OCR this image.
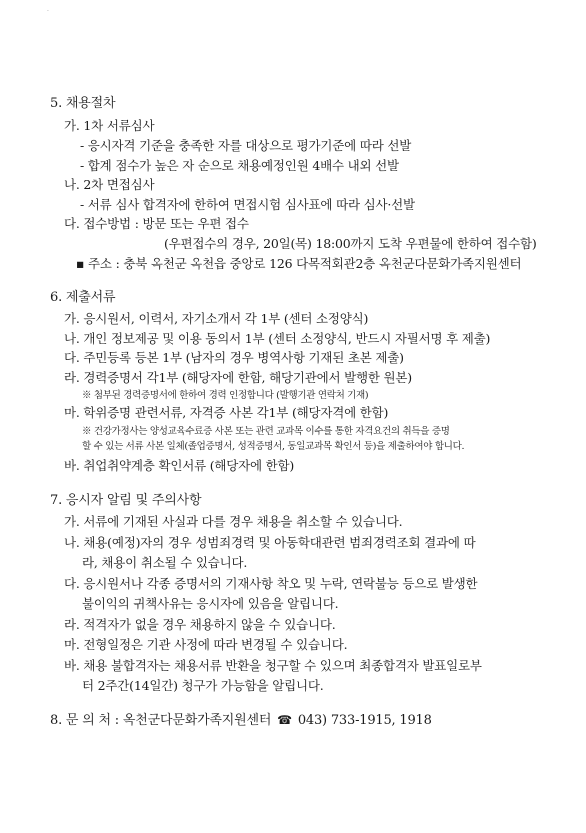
·
5. 채용절차
가. 1차 서류심사
- 응시자격 기준을 충족한 자를 대상으로 평가기준에 따라 선발
- 합계 점수가 높은 자 순으로 채용예정인원 4배수 내외 선발
나. 2차 면접심사
- 서류 심사 합격자에 한하여 면접시험 심사표에 따라 심사·선발
다. 접수방법 : 방문 또는 우편 접수
(우편접수의 경우, 20일(목) 18:00까지 도착 우편물에 한하여 접수함)
▪ 주소 : 충북 옥천군 옥천읍 중앙로 126 다목적회관2층 옥천군다문화가족지원센터
6. 제출서류
가. 응시원서, 이력서, 자기소개서 각 1부 (센터 소정양식)
나. 개인 정보제공 및 이용 동의서 1부 (센터 소정양식, 반드시 자필서명 후 제출)
다. 주민등록 등본 1부 (남자의 경우 병역사항 기재된 초본 제출)
라. 경력증명서 각1부 (해당자에 한함, 해당기관에서 발행한 원본)
※ 첨부된 경력증명서에 한하여 경력 인정합니다 (발행기관 연락처 기재)
마. 학위증명 관련서류, 자격증 사본 각1부 (해당자격에 한함)
※ 건강가정사는 양성교육수료증 사본 또는 관련 교과목 이수를 통한 자격요건의 취득을 증명
할 수 있는 서류 사본 일체(졸업증명서, 성적증명서, 동일교과목 확인서 등)을 제출하여야 합니다.
바. 취업취약계층 확인서류 (해당자에 한함)
7. 응시자 알림 및 주의사항
가. 서류에 기재된 사실과 다를 경우 채용을 취소할 수 있습니다.
나. 채용(예정)자의 경우 성범죄경력 및 아동학대관련 범죄경력조회 결과에 따
라, 채용이 취소될 수 있습니다.
다. 응시원서나 각종 증명서의 기재사항 착오 및 누락, 연락불능 등으로 발생한
불이익의 귀책사유는 응시자에 있음을 알립니다.
라. 적격자가 없을 경우 채용하지 않을 수 있습니다.
마. 전형일정은 기관 사정에 따라 변경될 수 있습니다.
바. 채용 불합격자는 채용서류 반환을 청구할 수 있으며 최종합격자 발표일로부
터 2주간(14일간) 청구가 가능함을 알립니다.
8. 문 의 처 : 옥천군다문화가족지원센터 ☎ 043) 733-1915, 1918
